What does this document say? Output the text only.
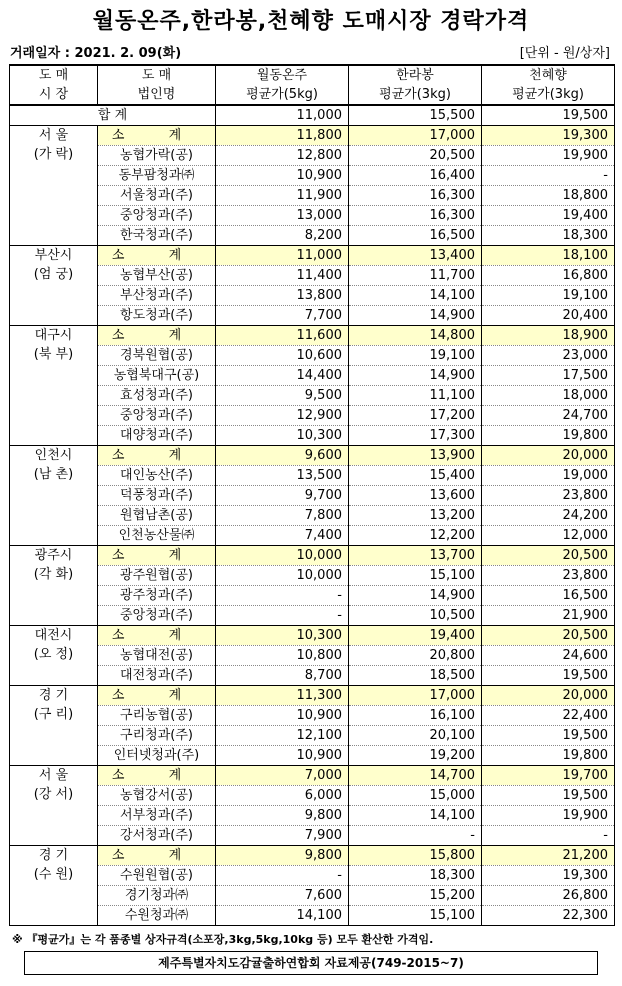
월동온주,한라봉,천혜향 도매시장 경락가격
거래일자 : 2021. 2. 09(화)	[단위 - 원/상자]
도 매	도 매	월동온주	한라봉	천혜향
시 장	법인명	평균가(5kg)	평균가(3kg)	평균가(3kg)
합 계		11,000	15,500	19,500

서 울
(가 락)	소 계	11,800	17,000	19,300
	농협가락(공)	12,800	20,500	19,900
	동부팜청과㈜	10,900	16,400	-
	서울청과(주)	11,900	16,300	18,800
	중앙청과(주)	13,000	16,300	19,400
	한국청과(주)	8,200	16,500	18,300

부산시
(엄 궁)	소 계	11,000	13,400	18,100
	농협부산(공)	11,400	11,700	16,800
	부산청과(주)	13,800	14,100	19,100
	항도청과(주)	7,700	14,900	20,400

대구시
(북 부)	소 계	11,600	14,800	18,900
	경북원협(공)	10,600	19,100	23,000
	농협북대구(공)	14,400	14,900	17,500
	효성청과(주)	9,500	11,100	18,000
	중앙청과(주)	12,900	17,200	24,700
	대양청과(주)	10,300	17,300	19,800

인천시
(남 촌)	소 계	9,600	13,900	20,000
	대인농산(주)	13,500	15,400	19,000
	덕풍청과(주)	9,700	13,600	23,800
	원협남촌(공)	7,800	13,200	24,200
	인천농산물㈜	7,400	12,200	12,000

광주시
(각 화)	소 계	10,000	13,700	20,500
	광주원협(공)	10,000	15,100	23,800
	광주청과(주)	-	14,900	16,500
	중앙청과(주)	-	10,500	21,900

대전시
(오 정)	소 계	10,300	19,400	20,500
	농협대전(공)	10,800	20,800	24,600
	대전청과(주)	8,700	18,500	19,500

경 기
(구 리)	소 계	11,300	17,000	20,000
	구리농협(공)	10,900	16,100	22,400
	구리청과(주)	12,100	20,100	19,500
	인터넷청과(주)	10,900	19,200	19,800

서 울
(강 서)	소 계	7,000	14,700	19,700
	농협강서(공)	6,000	15,000	19,500
	서부청과(주)	9,800	14,100	19,900
	강서청과(주)	7,900	-	-

경 기
(수 원)	소 계	9,800	15,800	21,200
	수원원협(공)	-	18,300	19,300
	경기청과㈜	7,600	15,200	26,800
	수원청과㈜	14,100	15,100	22,300
※ 『평균가』는 각 품종별 상자규격(소포장,3kg,5kg,10kg 등) 모두 환산한 가격임.
제주특별자치도감귤출하연합회 자료제공(749-2015~7)
